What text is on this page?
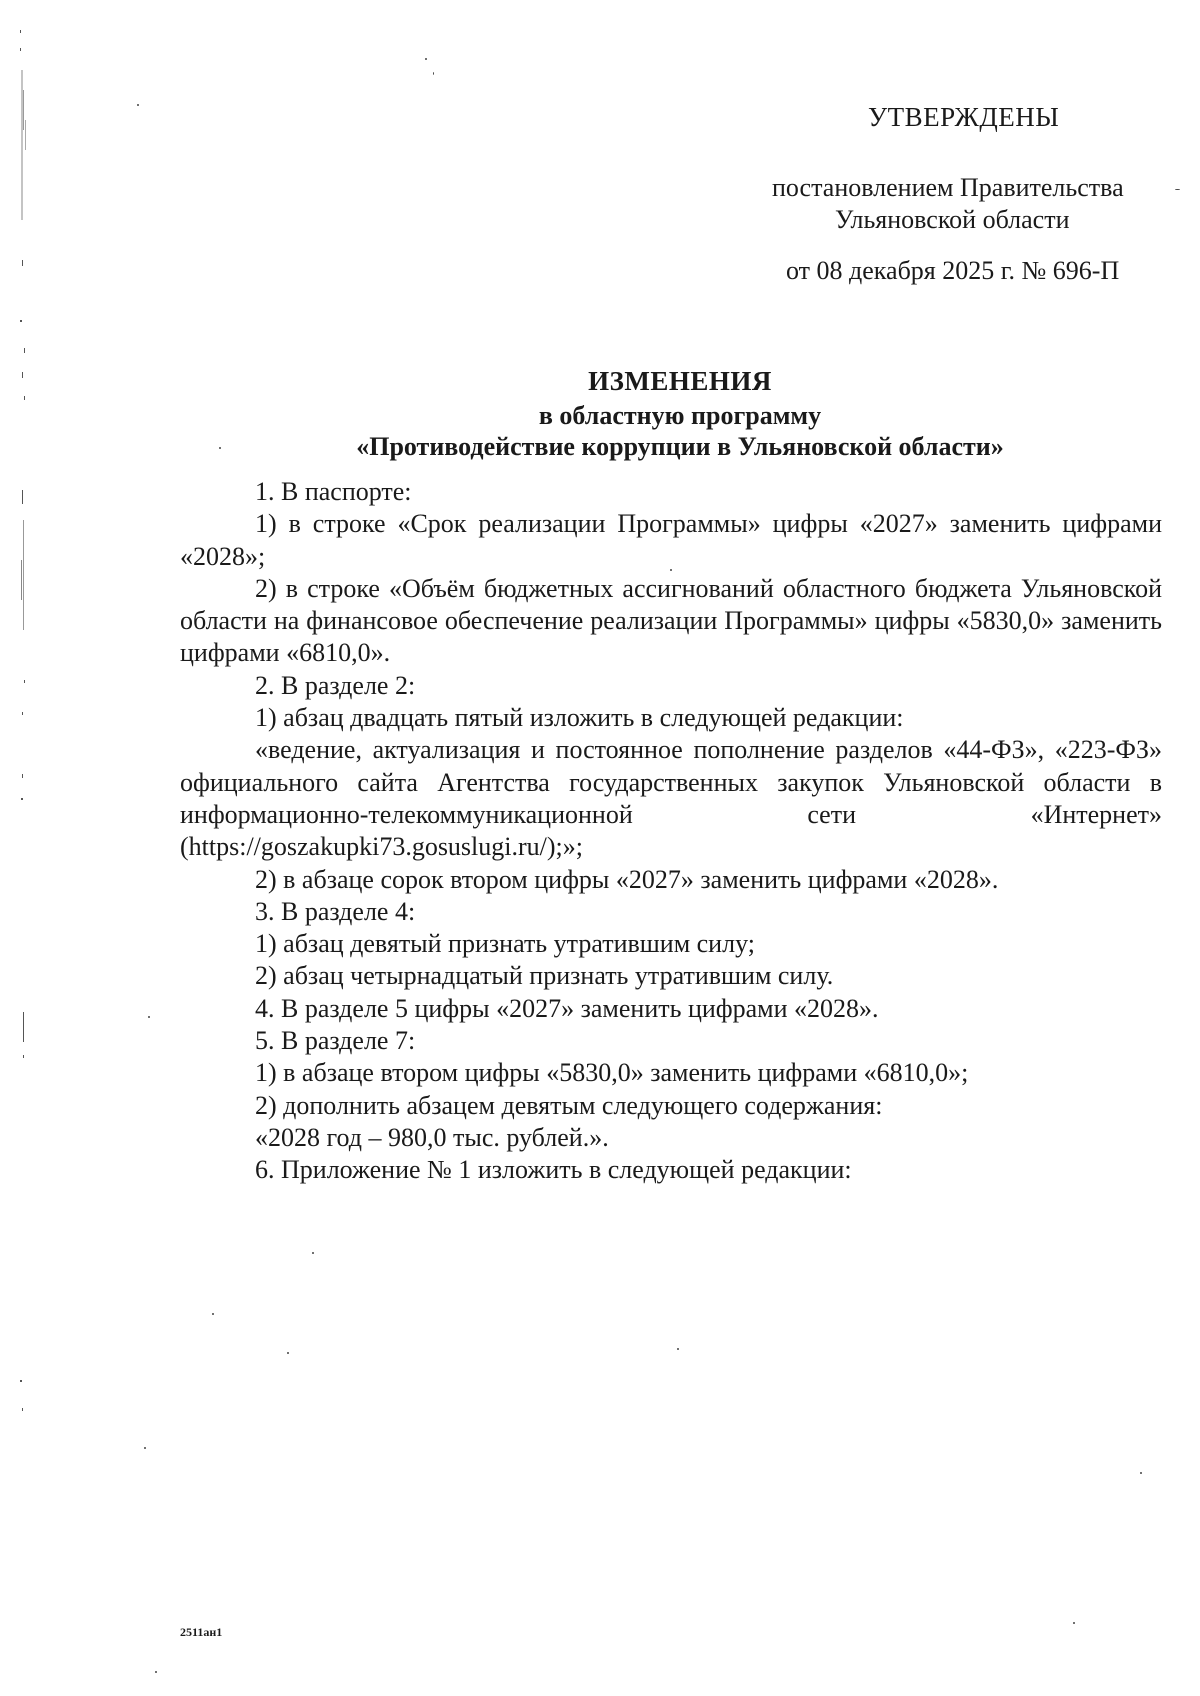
УТВЕРЖДЕНЫ
постановлением Правительства
Ульяновской области
от 08 декабря 2025 г. № 696-П
ИЗМЕНЕНИЯ
в областную программу
«Противодействие коррупции в Ульяновской области»
1. В паспорте:
1) в строке «Срок реализации Программы» цифры «2027» заменить цифрами «2028»;
2) в строке «Объём бюджетных ассигнований областного бюджета Ульяновской области на финансовое обеспечение реализации Программы» цифры «5830,0» заменить цифрами «6810,0».
2. В разделе 2:
1) абзац двадцать пятый изложить в следующей редакции:
«ведение, актуализация и постоянное пополнение разделов «44-ФЗ», «223-ФЗ» официального сайта Агентства государственных закупок Ульяновской области в информационно-телекоммуникационной сети «Интернет» (https://goszakupki73.gosuslugi.ru/);»;
2) в абзаце сорок втором цифры «2027» заменить цифрами «2028».
3. В разделе 4:
1) абзац девятый признать утратившим силу;
2) абзац четырнадцатый признать утратившим силу.
4. В разделе 5 цифры «2027» заменить цифрами «2028».
5. В разделе 7:
1) в абзаце втором цифры «5830,0» заменить цифрами «6810,0»;
2) дополнить абзацем девятым следующего содержания:
«2028 год – 980,0 тыс. рублей.».
6. Приложение № 1 изложить в следующей редакции:
2511ан1
